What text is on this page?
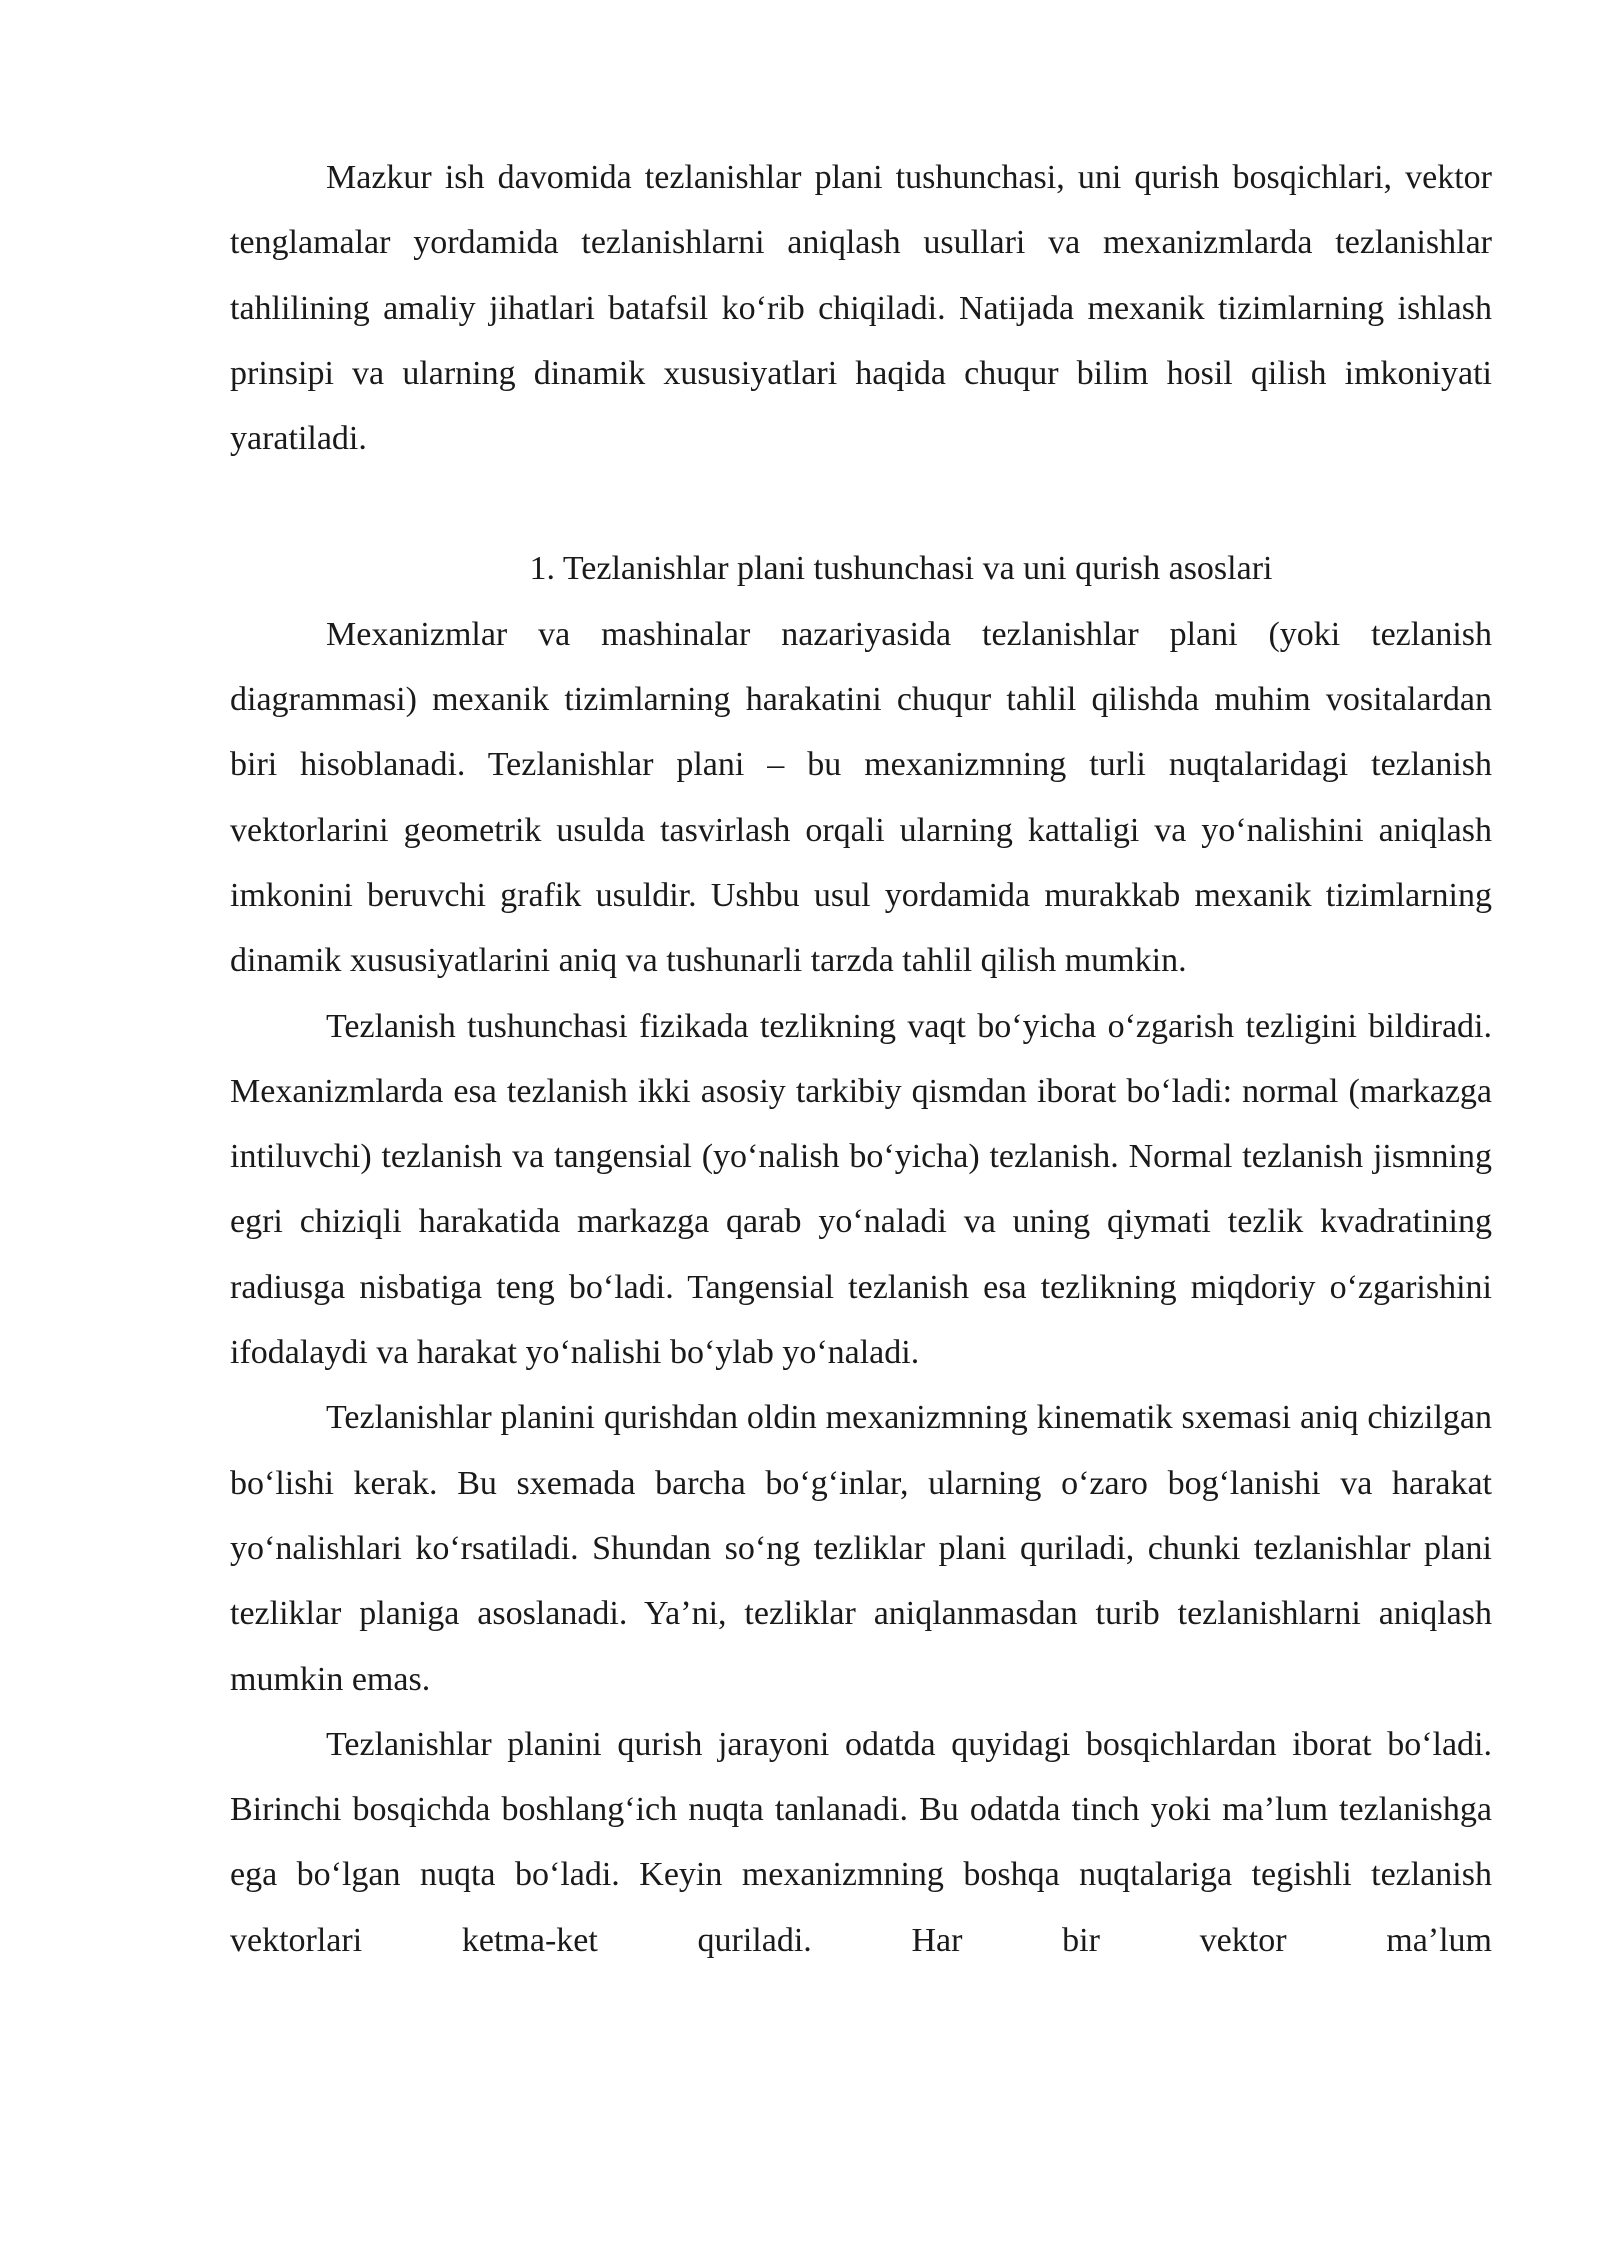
Mazkur ish davomida tezlanishlar plani tushunchasi, uni qurish bosqichlari, vektor tenglamalar yordamida tezlanishlarni aniqlash usullari va mexanizmlarda tezlanishlar tahlilining amaliy jihatlari batafsil koʻrib chiqiladi. Natijada mexanik tizimlarning ishlash prinsipi va ularning dinamik xususiyatlari haqida chuqur bilim hosil qilish imkoniyati yaratiladi.

1. Tezlanishlar plani tushunchasi va uni qurish asoslari

Mexanizmlar va mashinalar nazariyasida tezlanishlar plani (yoki tezlanish diagrammasi) mexanik tizimlarning harakatini chuqur tahlil qilishda muhim vositalardan biri hisoblanadi. Tezlanishlar plani – bu mexanizmning turli nuqtalaridagi tezlanish vektorlarini geometrik usulda tasvirlash orqali ularning kattaligi va yoʻnalishini aniqlash imkonini beruvchi grafik usuldir. Ushbu usul yordamida murakkab mexanik tizimlarning dinamik xususiyatlarini aniq va tushunarli tarzda tahlil qilish mumkin.

Tezlanish tushunchasi fizikada tezlikning vaqt boʻyicha oʻzgarish tezligini bildiradi. Mexanizmlarda esa tezlanish ikki asosiy tarkibiy qismdan iborat boʻladi: normal (markazga intiluvchi) tezlanish va tangensial (yoʻnalish boʻyicha) tezlanish. Normal tezlanish jismning egri chiziqli harakatida markazga qarab yoʻnaladi va uning qiymati tezlik kvadratining radiusga nisbatiga teng boʻladi. Tangensial tezlanish esa tezlikning miqdoriy oʻzgarishini ifodalaydi va harakat yoʻnalishi boʻylab yoʻnaladi.

Tezlanishlar planini qurishdan oldin mexanizmning kinematik sxemasi aniq chizilgan boʻlishi kerak. Bu sxemada barcha boʻgʻinlar, ularning oʻzaro bogʻlanishi va harakat yoʻnalishlari koʻrsatiladi. Shundan soʻng tezliklar plani quriladi, chunki tezlanishlar plani tezliklar planiga asoslanadi. Yaʼni, tezliklar aniqlanmasdan turib tezlanishlarni aniqlash mumkin emas.

Tezlanishlar planini qurish jarayoni odatda quyidagi bosqichlardan iborat boʻladi. Birinchi bosqichda boshlangʻich nuqta tanlanadi. Bu odatda tinch yoki maʼlum tezlanishga ega boʻlgan nuqta boʻladi. Keyin mexanizmning boshqa nuqtalariga tegishli tezlanish vektorlari ketma-ket quriladi. Har bir vektor maʼlum
